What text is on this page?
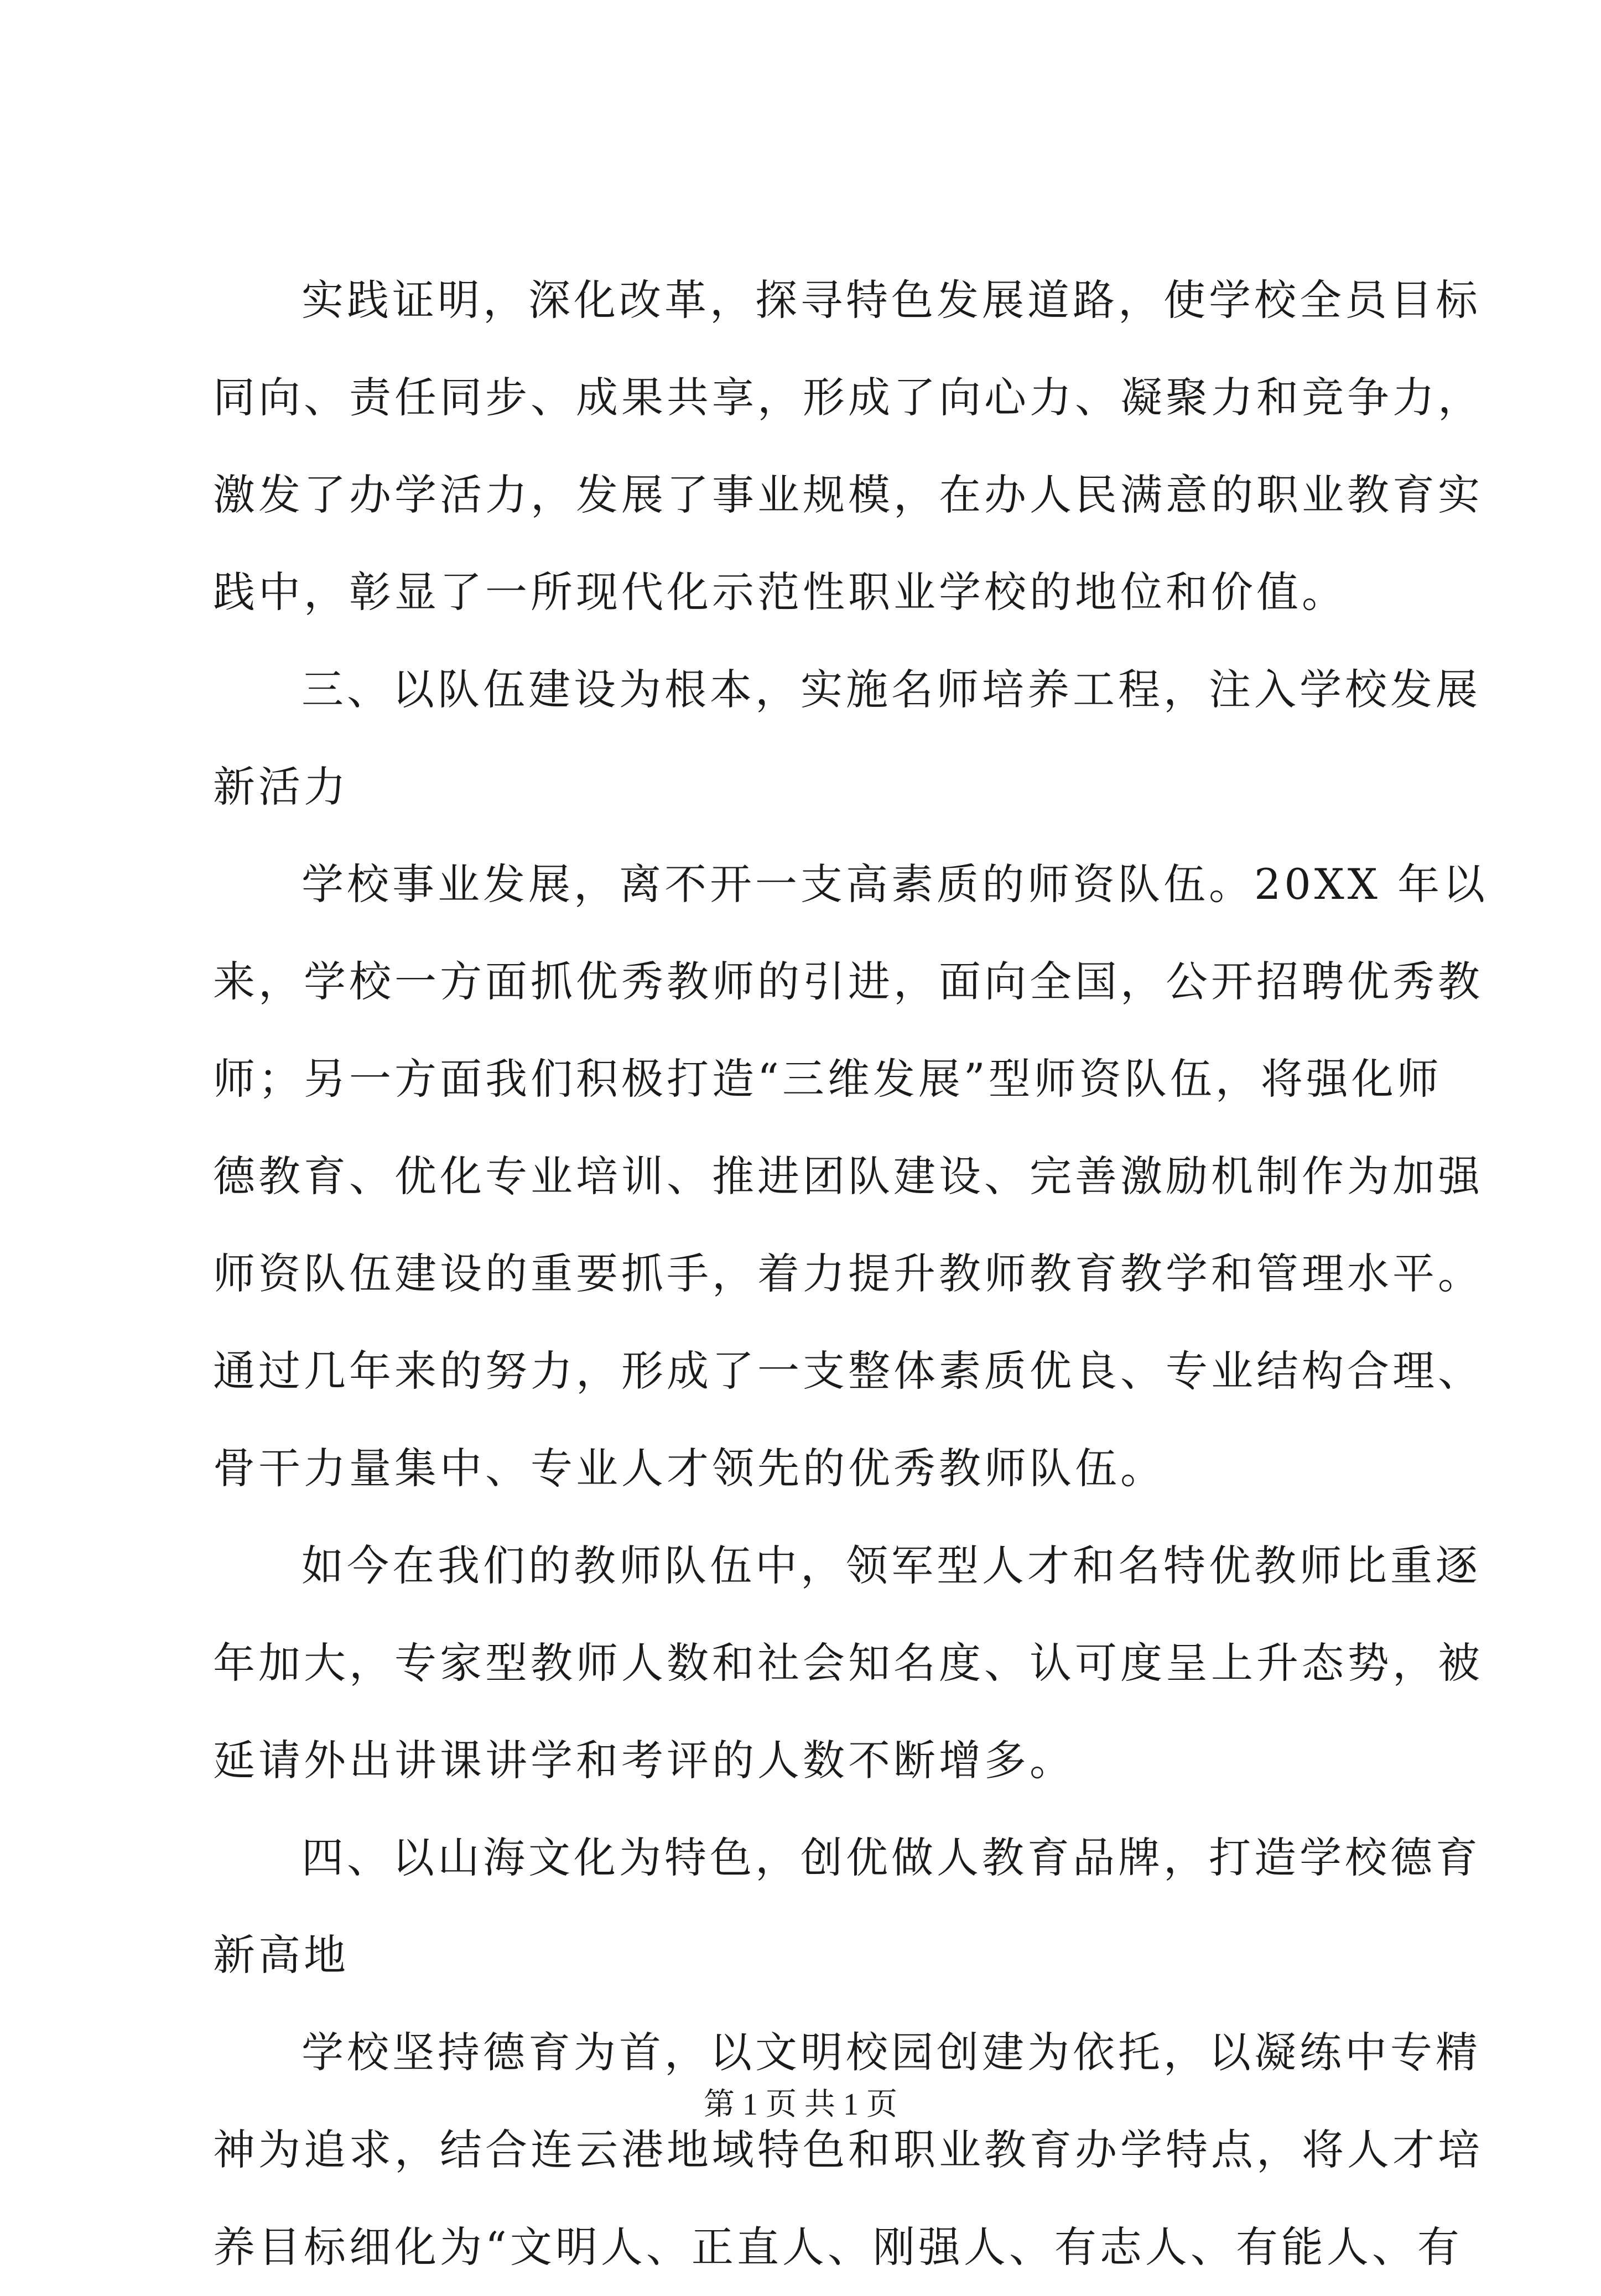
实践证明，深化改革，探寻特色发展道路，使学校全员目标
同向、责任同步、成果共享，形成了向心力、凝聚力和竞争力，
激发了办学活力，发展了事业规模，在办人民满意的职业教育实
践中，彰显了一所现代化示范性职业学校的地位和价值。
三、以队伍建设为根本，实施名师培养工程，注入学校发展
新活力
学校事业发展，离不开一支高素质的师资队伍。20XX 年以
来，学校一方面抓优秀教师的引进，面向全国，公开招聘优秀教
师；另一方面我们积极打造“三维发展”型师资队伍，将强化师
德教育、优化专业培训、推进团队建设、完善激励机制作为加强
师资队伍建设的重要抓手，着力提升教师教育教学和管理水平。
通过几年来的努力，形成了一支整体素质优良、专业结构合理、
骨干力量集中、专业人才领先的优秀教师队伍。
如今在我们的教师队伍中，领军型人才和名特优教师比重逐
年加大，专家型教师人数和社会知名度、认可度呈上升态势，被
延请外出讲课讲学和考评的人数不断增多。
四、以山海文化为特色，创优做人教育品牌，打造学校德育
新高地
学校坚持德育为首，以文明校园创建为依托，以凝练中专精
神为追求，结合连云港地域特色和职业教育办学特点，将人才培
养目标细化为“文明人、正直人、刚强人、有志人、有能人、有
第 1 页 共 1 页
